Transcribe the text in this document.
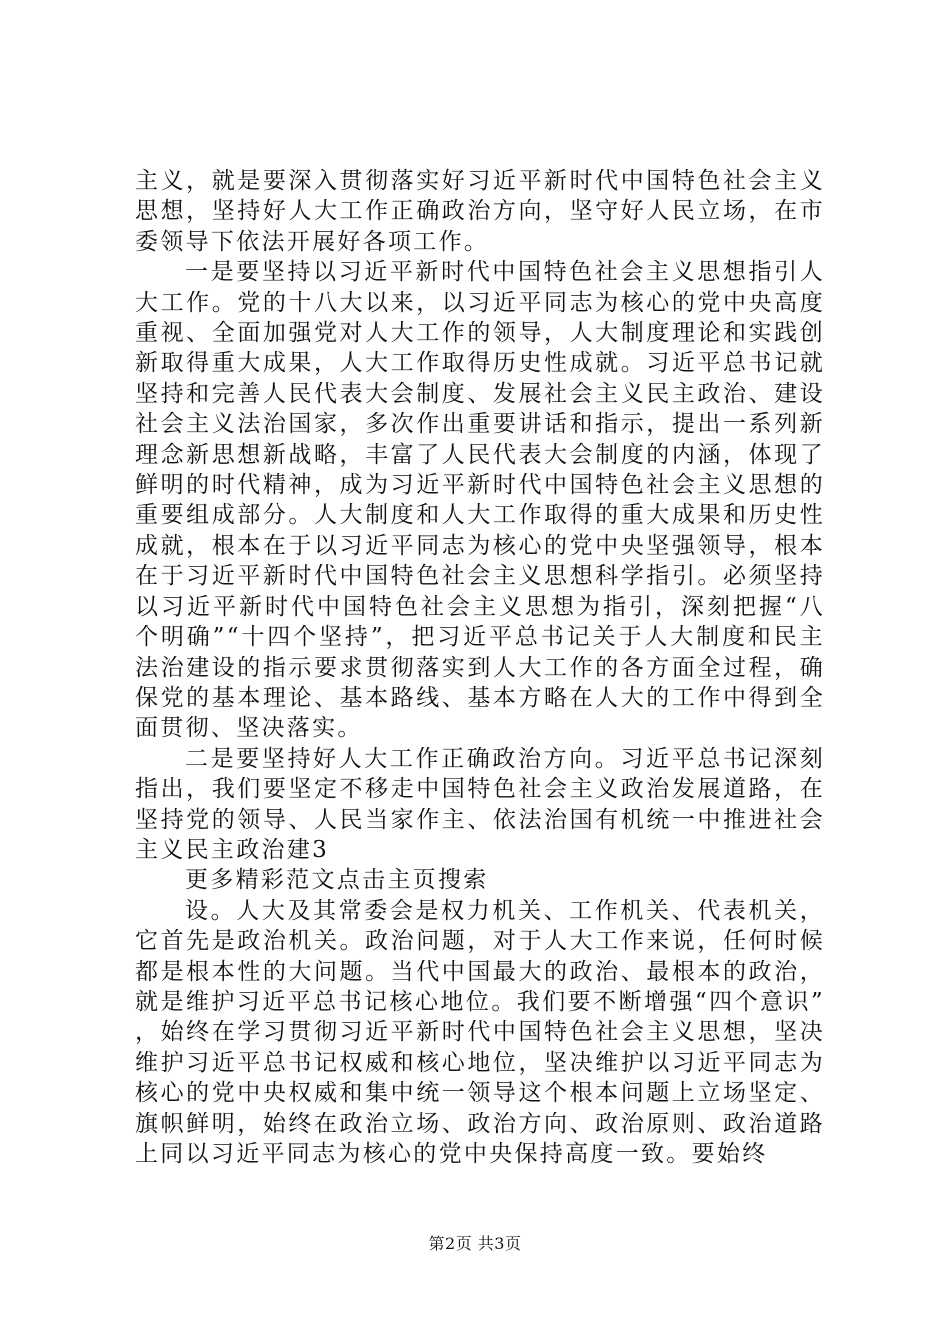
主义，就是要深入贯彻落实好习近平新时代中国特色社会主义思想，坚持好人大工作正确政治方向，坚守好人民立场，在市委领导下依法开展好各项工作。

一是要坚持以习近平新时代中国特色社会主义思想指引人大工作。党的十八大以来，以习近平同志为核心的党中央高度重视、全面加强党对人大工作的领导，人大制度理论和实践创新取得重大成果，人大工作取得历史性成就。习近平总书记就坚持和完善人民代表大会制度、发展社会主义民主政治、建设社会主义法治国家，多次作出重要讲话和指示，提出一系列新理念新思想新战略，丰富了人民代表大会制度的内涵，体现了鲜明的时代精神，成为习近平新时代中国特色社会主义思想的重要组成部分。人大制度和人大工作取得的重大成果和历史性成就，根本在于以习近平同志为核心的党中央坚强领导，根本在于习近平新时代中国特色社会主义思想科学指引。必须坚持以习近平新时代中国特色社会主义思想为指引，深刻把握“八个明确”“十四个坚持”，把习近平总书记关于人大制度和民主法治建设的指示要求贯彻落实到人大工作的各方面全过程，确保党的基本理论、基本路线、基本方略在人大的工作中得到全面贯彻、坚决落实。

二是要坚持好人大工作正确政治方向。习近平总书记深刻指出，我们要坚定不移走中国特色社会主义政治发展道路，在坚持党的领导、人民当家作主、依法治国有机统一中推进社会主义民主政治建3

更多精彩范文点击主页搜索

设。人大及其常委会是权力机关、工作机关、代表机关，它首先是政治机关。政治问题，对于人大工作来说，任何时候都是根本性的大问题。当代中国最大的政治、最根本的政治，就是维护习近平总书记核心地位。我们要不断增强“四个意识”，始终在学习贯彻习近平新时代中国特色社会主义思想，坚决维护习近平总书记权威和核心地位，坚决维护以习近平同志为核心的党中央权威和集中统一领导这个根本问题上立场坚定、旗帜鲜明，始终在政治立场、政治方向、政治原则、政治道路上同以习近平同志为核心的党中央保持高度一致。要始终

第2页 共3页
